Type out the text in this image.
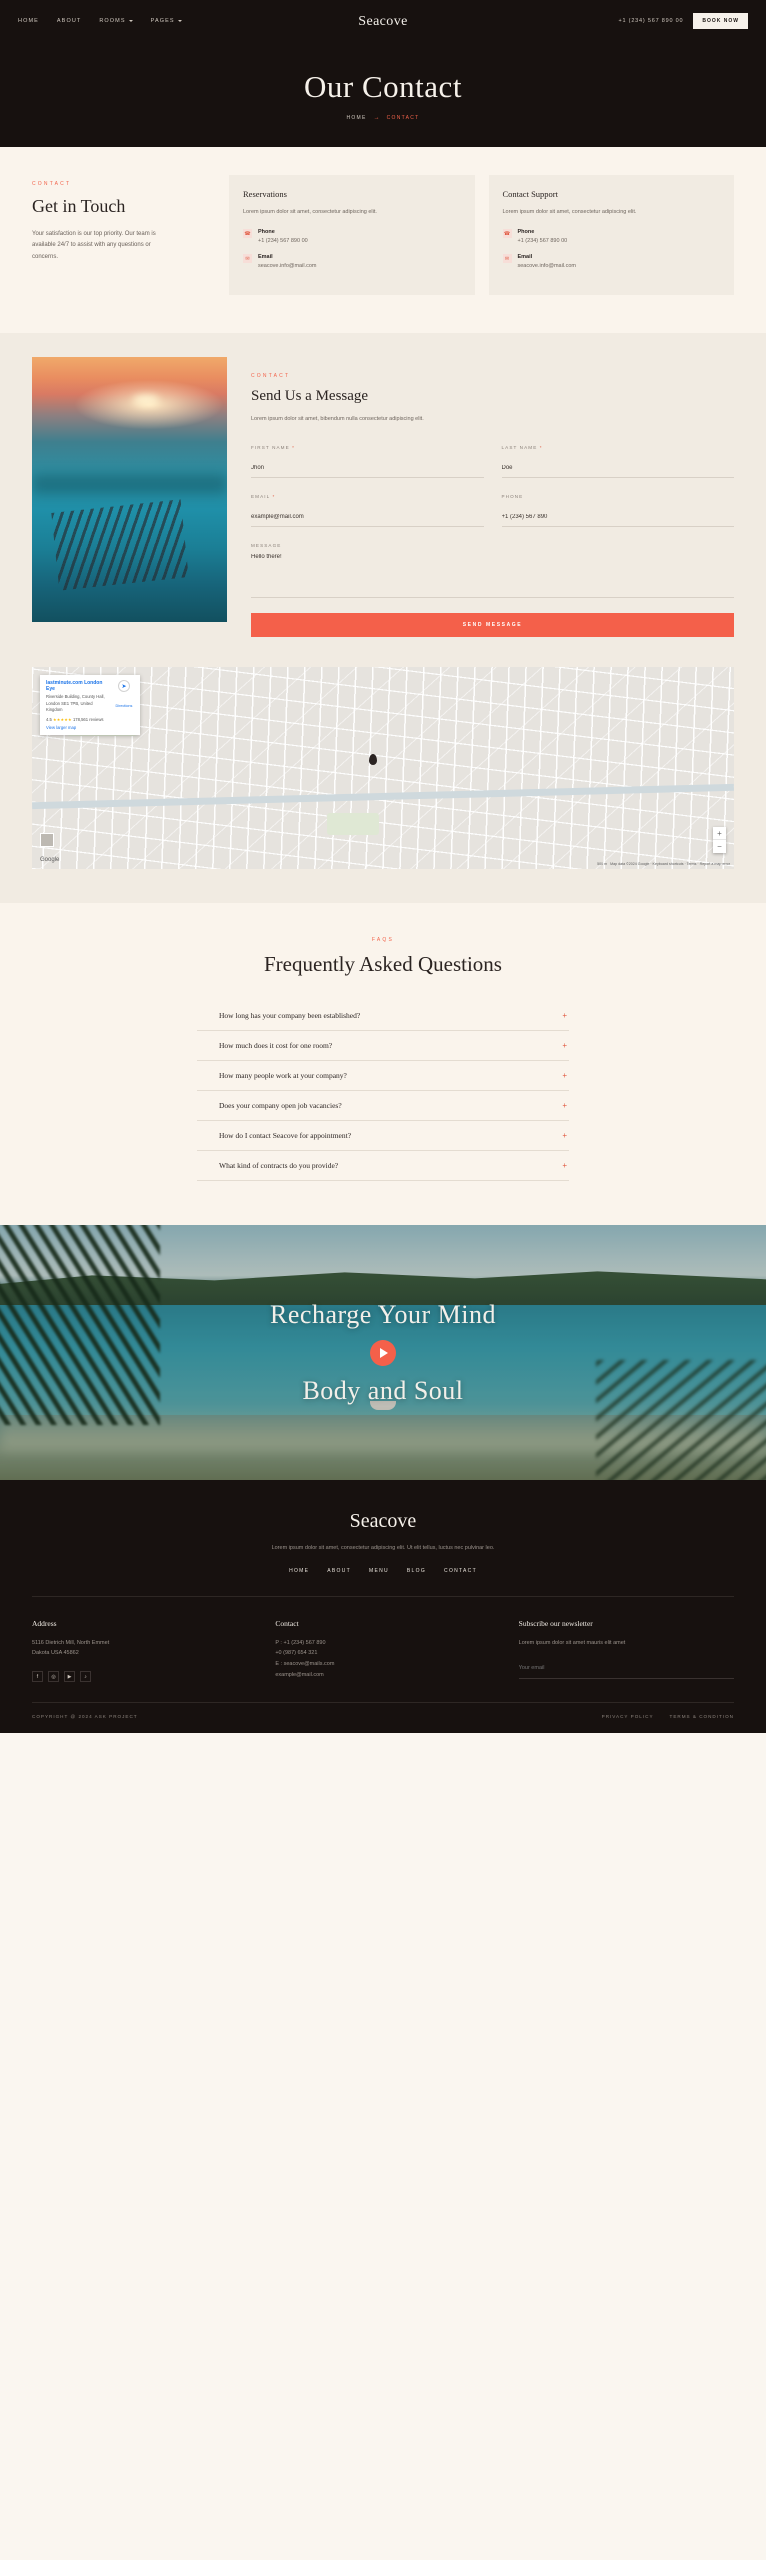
HOME	ABOUT	ROOMS	PAGES	Seacove	+1 (234) 567 890 00	BOOK NOW
Our Contact
HOME → CONTACT
CONTACT
Get in Touch

Your satisfaction is our top priority. Our team is available 24/7 to assist with any questions or concerns.

Reservations

Lorem ipsum dolor sit amet, consectetur adipiscing elit.

☎ Phone
+1 (234) 567 890 00
✉	Email
seacove.info@mail.com
Contact Support

Lorem ipsum dolor sit amet, consectetur adipiscing elit.

☎ Phone
+1 (234) 567 890 00
✉	Email
seacove.info@mail.com
CONTACT
Send Us a Message
Lorem ipsum dolor sit amet, bibendum nulla consectetur adipiscing elit.
FIRST NAME *
Jhon	LAST NAME *
Doe
EMAIL *
example@mail.com	PHONE
+1 (234) 567 890
MESSAGE
Hello there!
SEND MESSAGE
lastminute.com London Eye
Riverside Building, County Hall, London SE1 7PB, United Kingdom
4.5 ★★★★★ 178,561 reviews
View larger map
➤
Directions
Google
+
−
500 m Map data ©2024 Google · Keyboard shortcuts · Terms · Report a map error
FAQS
Frequently Asked Questions
How long has your company been established?	+
How much does it cost for one room?	+
How many people work at your company?	+
Does your company open job vacancies?	+
How do I contact Seacove for appointment?	+
What kind of contracts do you provide?	+
Recharge Your Mind
Body and Soul
Seacove
Lorem ipsum dolor sit amet, consectetur adipiscing elit. Ut elit tellus, luctus nec pulvinar leo.
HOME	ABOUT	MENU	BLOG	CONTACT
Address
5116 Dietrich Mill, North Emmet
Dakota USA 45862
f	◎	▶	♪
Contact
P : +1 (234) 567 890
+0 (987) 654 321
E : seacove@mails.com
example@mail.com
Subscribe our newsletter
Lorem ipsum dolor sit amet mauris elit amet
Your email
COPYRIGHT @ 2024 ASK PROJECT	PRIVACY POLICY	TERMS & CONDITION
